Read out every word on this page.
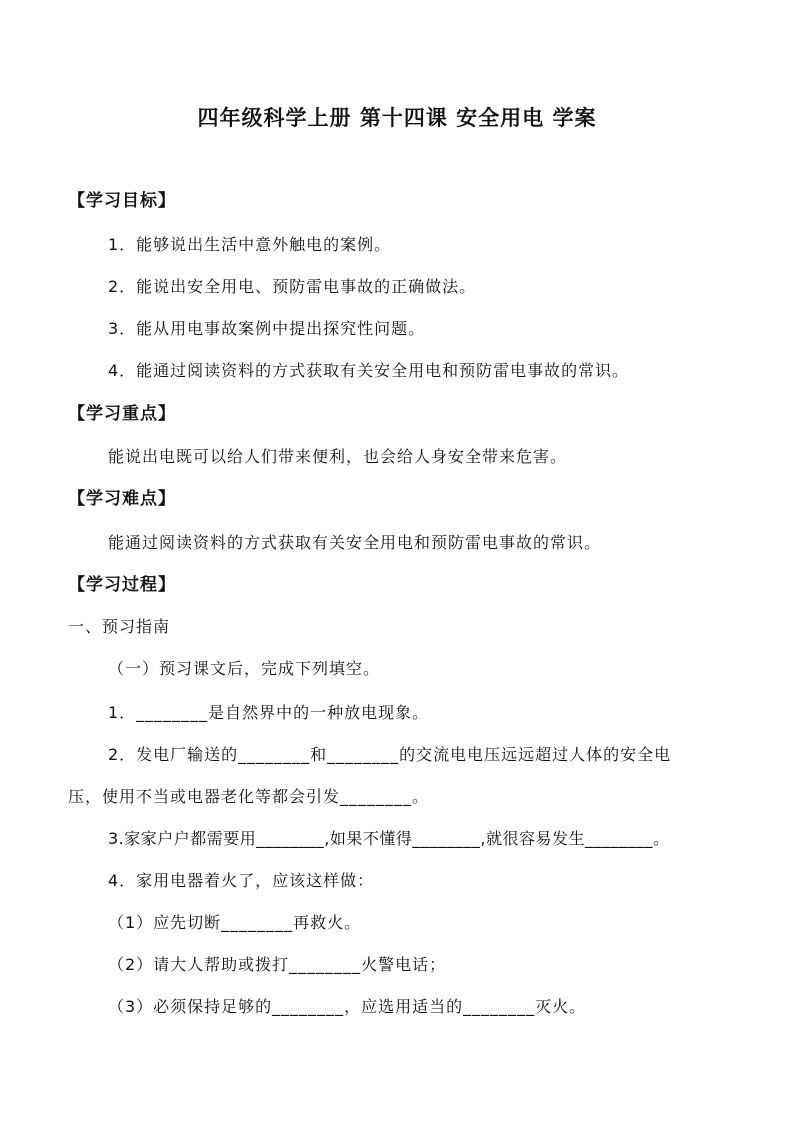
四年级科学上册 第十四课 安全用电 学案
【学习目标】
1．能够说出生活中意外触电的案例。
2．能说出安全用电、预防雷电事故的正确做法。
3．能从用电事故案例中提出探究性问题。
4．能通过阅读资料的方式获取有关安全用电和预防雷电事故的常识。
【学习重点】
能说出电既可以给人们带来便利，也会给人身安全带来危害。
【学习难点】
能通过阅读资料的方式获取有关安全用电和预防雷电事故的常识。
【学习过程】
一、预习指南
（一）预习课文后，完成下列填空。
1．________是自然界中的一种放电现象。
2．发电厂输送的________和________的交流电电压远远超过人体的安全电
压，使用不当或电器老化等都会引发________。
3.家家户户都需要用________,如果不懂得________,就很容易发生________。
4．家用电器着火了，应该这样做：
（1）应先切断________再救火。
（2）请大人帮助或拨打________火警电话；
（3）必须保持足够的________，应选用适当的________灭火。
